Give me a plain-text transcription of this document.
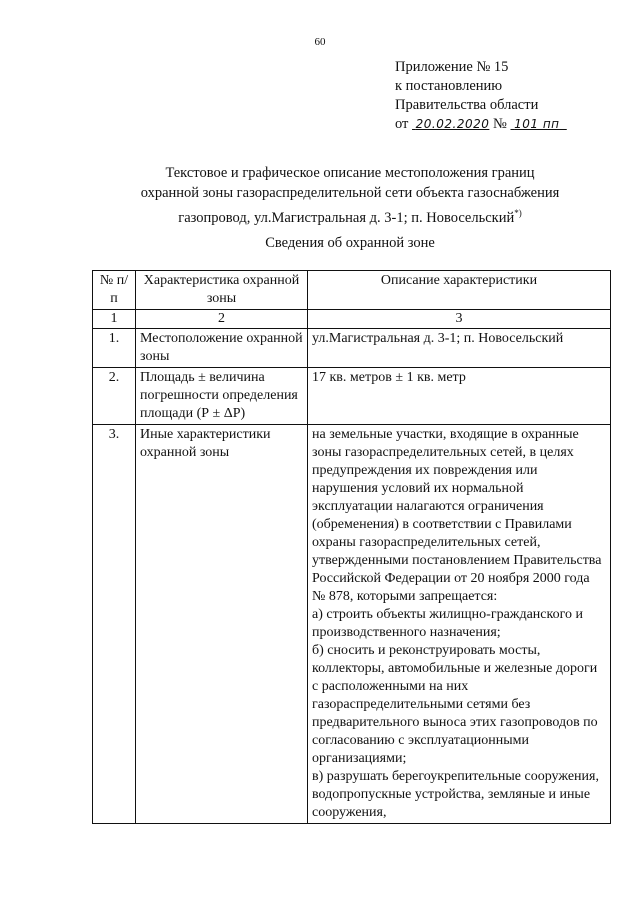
60
Приложение № 15
к постановлению
Правительства области
от 20.02.2020 № 101 пп
Текстовое и графическое описание местоположения границ
охранной зоны газораспределительной сети объекта газоснабжения
газопровод, ул.Магистральная д. 3-1; п. Новосельский*)
Сведения об охранной зоне
№ п/п	Характеристика охранной зоны	Описание характеристики
1	2	3
1.	Местоположение охранной зоны	ул.Магистральная д. 3-1; п. Новосельский
2.	Площадь ± величина погрешности определения площади (Р ± ΔР)	17 кв. метров ± 1 кв. метр
3.	Иные характеристики охранной зоны	на земельные участки, входящие в охранные зоны газораспределительных сетей, в целях предупреждения их повреждения или нарушения условий их нормальной эксплуатации налагаются ограничения (обременения) в соответствии с Правилами охраны газораспределительных сетей, утвержденными постановлением Правительства Российской Федерации от 20 ноября 2000 года № 878, которыми запрещается:
а) строить объекты жилищно-гражданского и производственного назначения;
б) сносить и реконструировать мосты, коллекторы, автомобильные и железные дороги с расположенными на них газораспределительными сетями без предварительного выноса этих газопроводов по согласованию с эксплуатационными организациями;
в) разрушать берегоукрепительные сооружения, водопропускные устройства, земляные и иные сооружения,
